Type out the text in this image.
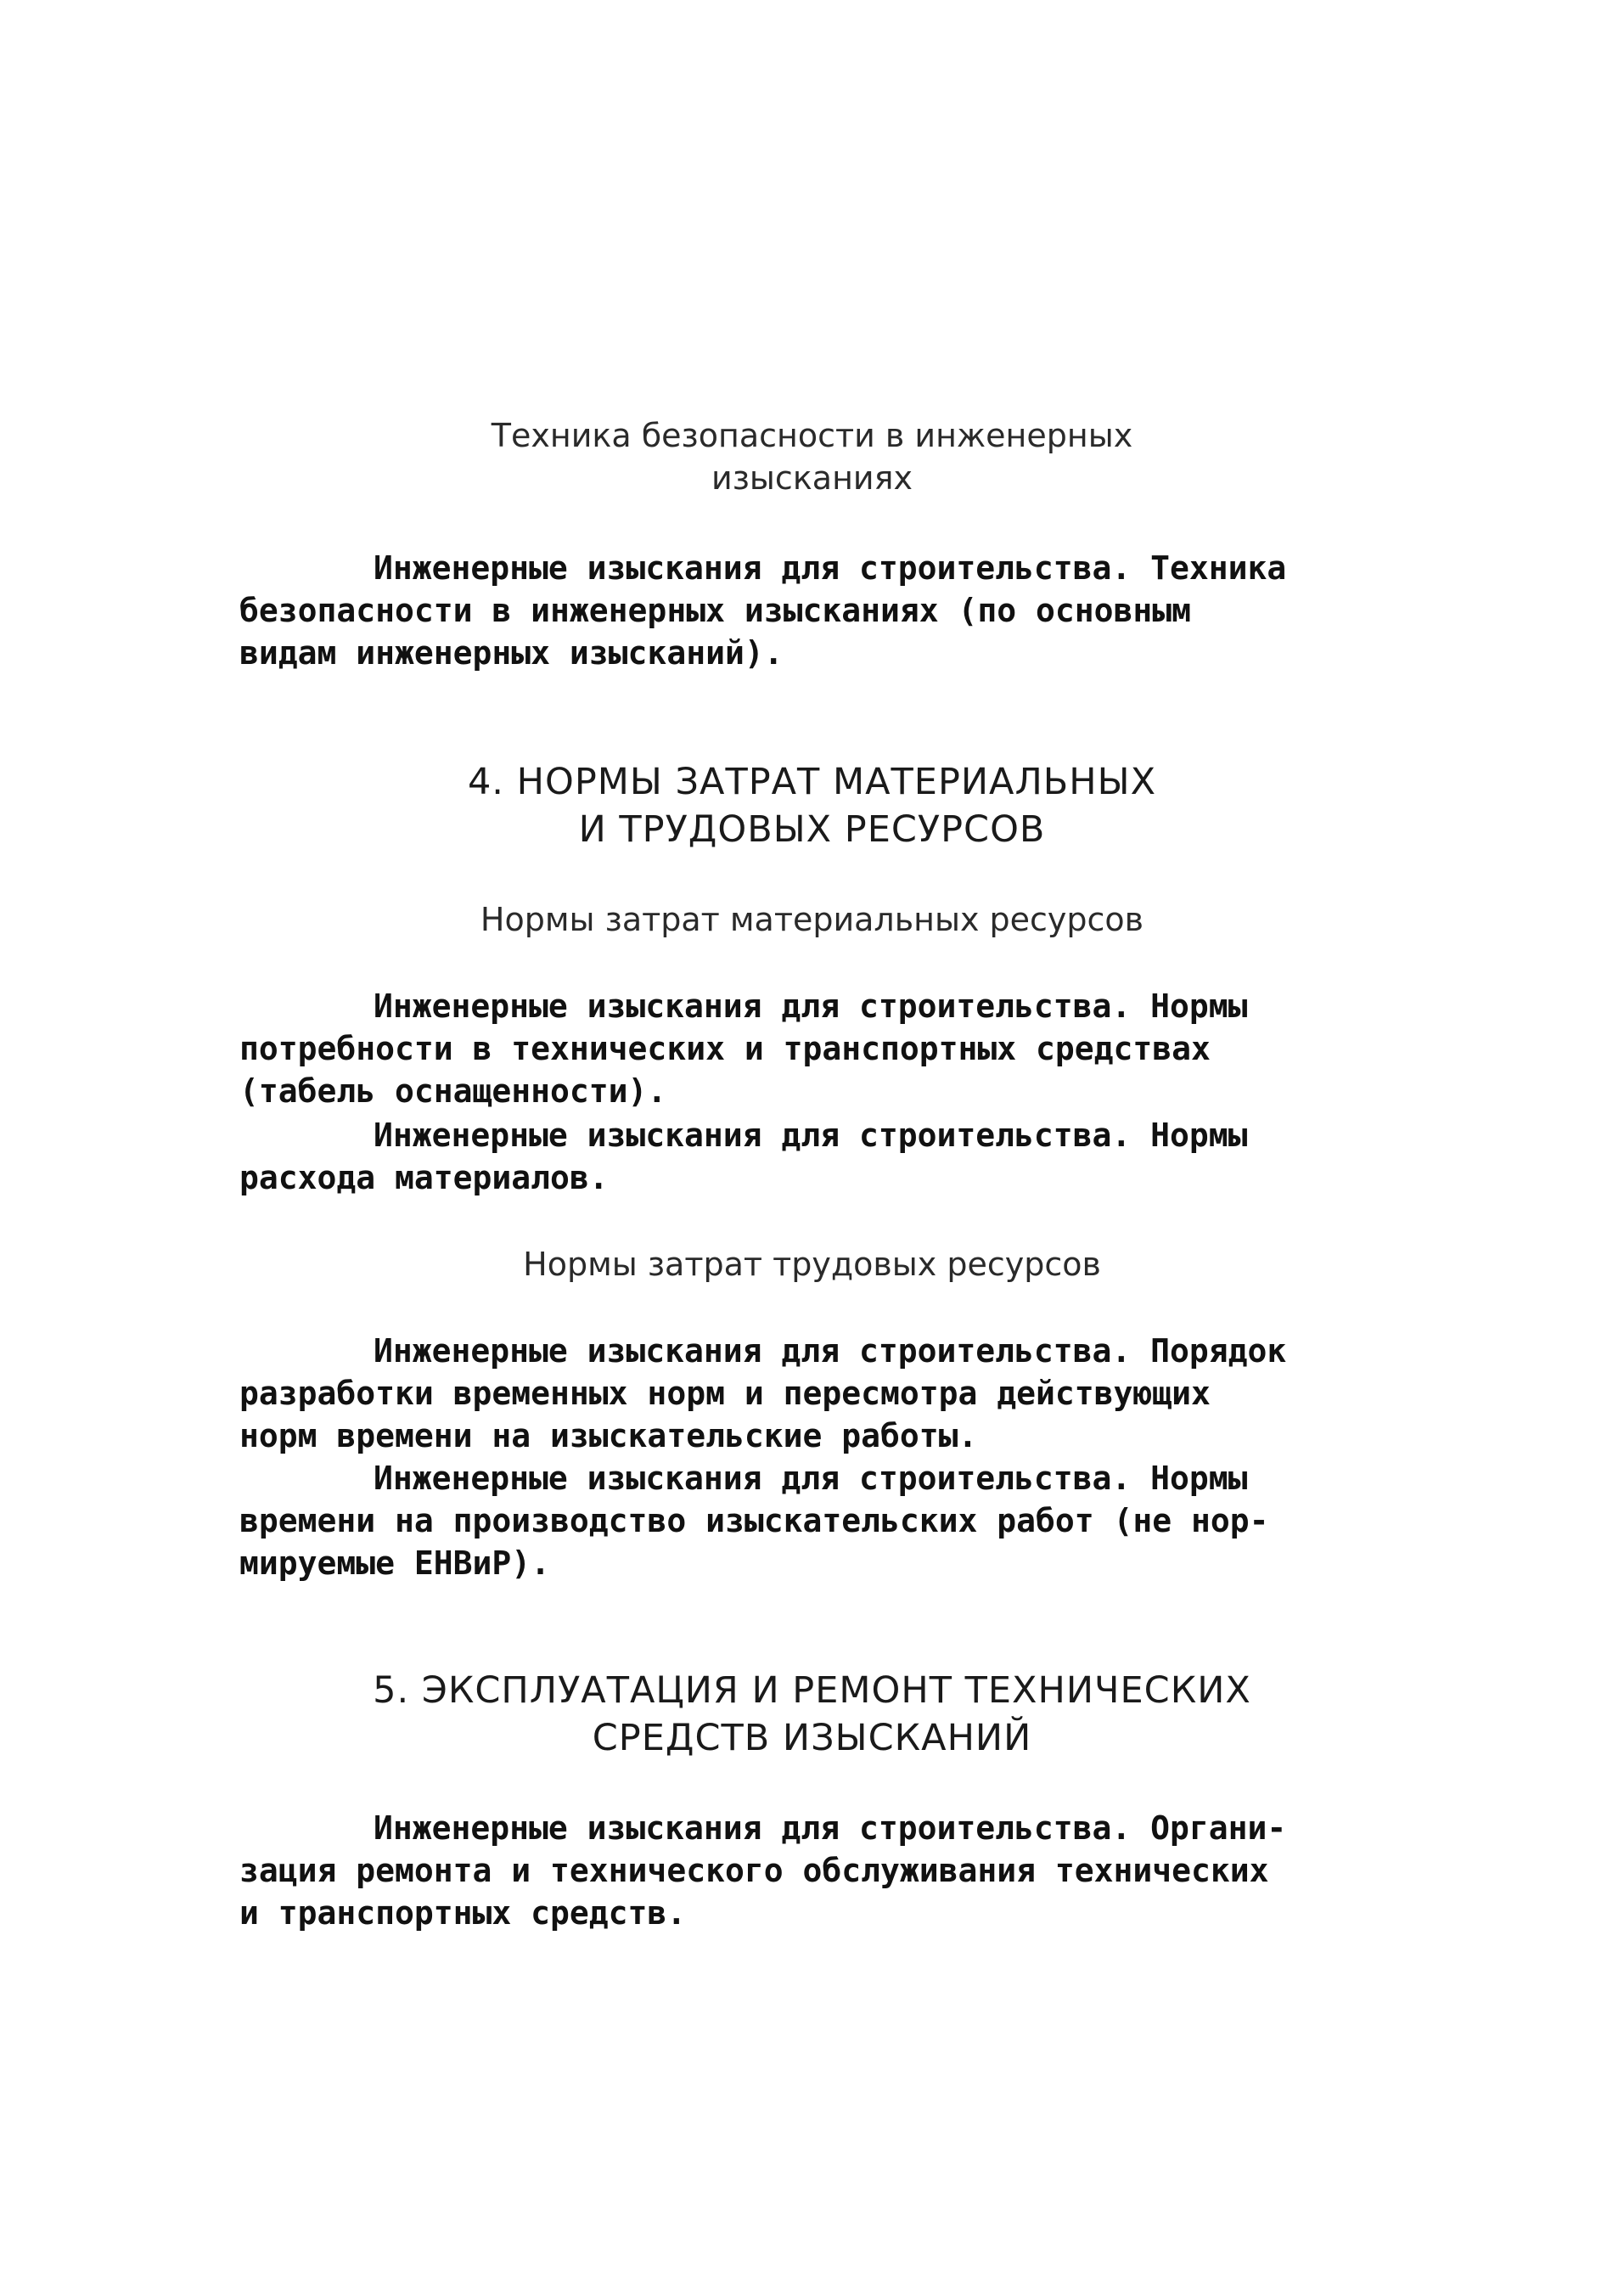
Техника безопасности в инженерных

изысканиях

Инженерные изыскания для строительства. Техника

безопасности в инженерных изысканиях (по основным

видам инженерных изысканий).

4. НОРМЫ ЗАТРАТ МАТЕРИАЛЬНЫХ

И ТРУДОВЫХ РЕСУРСОВ

Нормы затрат материальных ресурсов

Инженерные изыскания для строительства. Нормы

потребности в технических и транспортных средствах

(табель оснащенности).

Инженерные изыскания для строительства. Нормы

расхода материалов.

Нормы затрат трудовых ресурсов

Инженерные изыскания для строительства. Порядок

разработки временных норм и пересмотра действующих

норм времени на изыскательские работы.

Инженерные изыскания для строительства. Нормы

времени на производство изыскательских работ (не нор-

мируемые ЕНВиР).

5. ЭКСПЛУАТАЦИЯ И РЕМОНТ ТЕХНИЧЕСКИХ

СРЕДСТВ ИЗЫСКАНИЙ

Инженерные изыскания для строительства. Органи-

зация ремонта и технического обслуживания технических

и транспортных средств.
